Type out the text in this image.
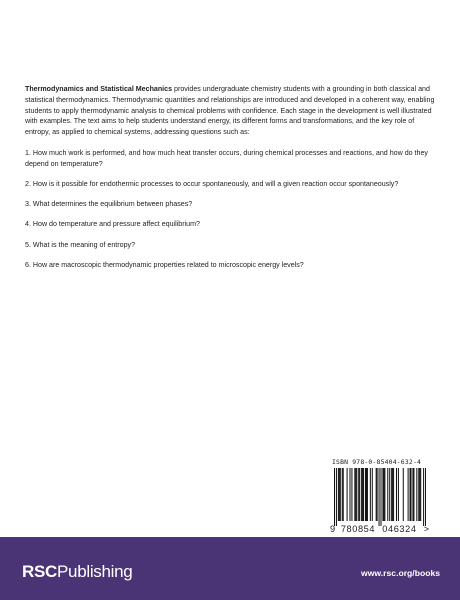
Thermodynamics and Statistical Mechanics provides undergraduate chemistry students with a grounding in both classical and statistical thermodynamics. Thermodynamic quantities and relationships are introduced and developed in a coherent way, enabling students to apply thermodynamic analysis to chemical problems with confidence. Each stage in the development is well illustrated with examples. The text aims to help students understand energy, its different forms and transformations, and the key role of entropy, as applied to chemical systems, addressing questions such as:

1. How much work is performed, and how much heat transfer occurs, during chemical processes and reactions, and how do they depend on temperature?

2. How is it possible for endothermic processes to occur spontaneously, and will a given reaction occur spontaneously?

3. What determines the equilibrium between phases?

4. How do temperature and pressure affect equilibrium?

5. What is the meaning of entropy?

6. How are macroscopic thermodynamic properties related to microscopic energy levels?

ISBN 978-0-85404-632-4
9 780854 046324 >
RSCPublishing	www.rsc.org/books
